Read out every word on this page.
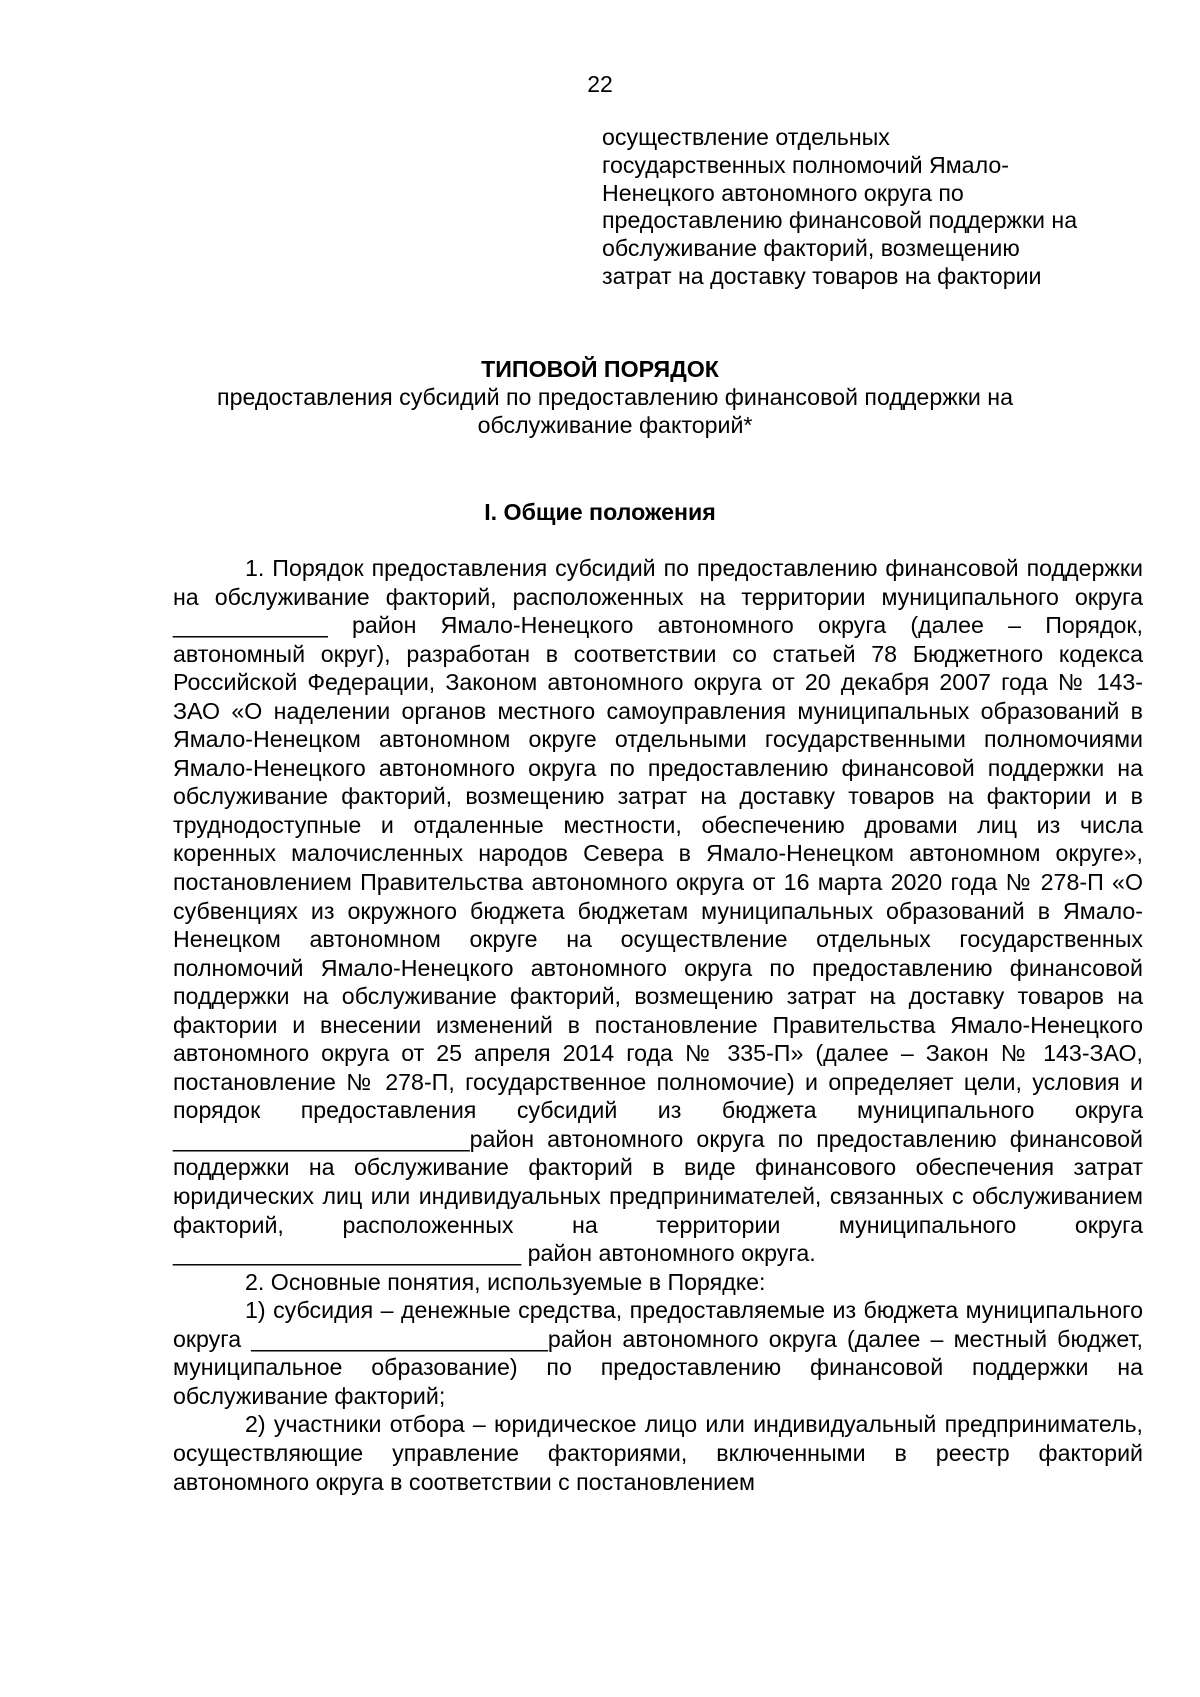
22
осуществление отдельных
государственных полномочий Ямало-
Ненецкого автономного округа по
предоставлению финансовой поддержки на
обслуживание факторий, возмещению
затрат на доставку товаров на фактории
ТИПОВОЙ ПОРЯДОК
предоставления субсидий по предоставлению финансовой поддержки на обслуживание факторий*
I. Общие положения

1. Порядок предоставления субсидий по предоставлению финансовой поддержки на обслуживание факторий, расположенных на территории муниципального округа ____________ район Ямало-Ненецкого автономного округа (далее – Порядок, автономный округ), разработан в соответствии со статьей 78 Бюджетного кодекса Российской Федерации, Законом автономного округа от 20 декабря 2007 года № 143-ЗАО «О наделении органов местного самоуправления муниципальных образований в Ямало-Ненецком автономном округе отдельными государственными полномочиями Ямало-Ненецкого автономного округа по предоставлению финансовой поддержки на обслуживание факторий, возмещению затрат на доставку товаров на фактории и в труднодоступные и отдаленные местности, обеспечению дровами лиц из числа коренных малочисленных народов Севера в Ямало-Ненецком автономном округе», постановлением Правительства автономного округа от 16 марта 2020 года № 278-П «О субвенциях из окружного бюджета бюджетам муниципальных образований в Ямало-Ненецком автономном округе на осуществление отдельных государственных полномочий Ямало-Ненецкого автономного округа по предоставлению финансовой поддержки на обслуживание факторий, возмещению затрат на доставку товаров на фактории и внесении изменений в постановление Правительства Ямало-Ненецкого автономного округа от 25 апреля 2014 года № 335-П» (далее – Закон № 143-ЗАО, постановление № 278-П, государственное полномочие) и определяет цели, условия и порядок предоставления субсидий из бюджета муниципального округа _______________________район автономного округа по предоставлению финансовой поддержки на обслуживание факторий в виде финансового обеспечения затрат юридических лиц или индивидуальных предпринимателей, связанных с обслуживанием факторий, расположенных на территории муниципального округа ___________________________ район автономного округа.

2. Основные понятия, используемые в Порядке:

1) субсидия – денежные средства, предоставляемые из бюджета муниципального округа _______________________район автономного округа (далее – местный бюджет, муниципальное образование) по предоставлению финансовой поддержки на обслуживание факторий;

2) участники отбора – юридическое лицо или индивидуальный предприниматель, осуществляющие управление факториями, включенными в реестр факторий автономного округа в соответствии с постановлением
